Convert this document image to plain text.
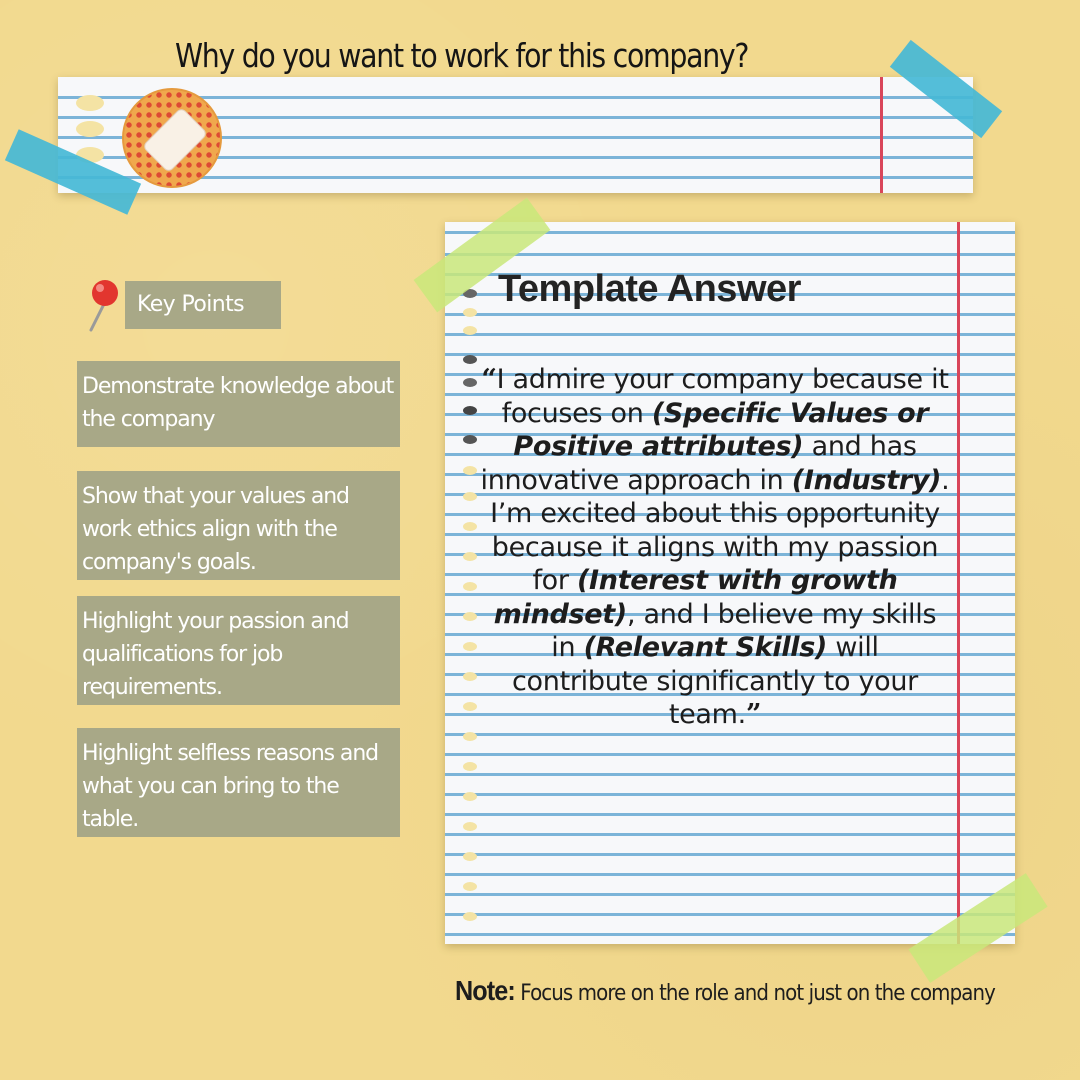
Why do you want to work for this company?
Template Answer
“I admire your company because it focuses on (Specific Values or Positive attributes) and has innovative approach in (Industry). I’m excited about this opportunity because it aligns with my passion for (Interest with growth mindset), and I believe my skills in (Relevant Skills) will contribute significantly to your team.”
Key Points
Demonstrate knowledge about the company
Show that your values and work ethics align with the company's goals.
Highlight your passion and qualifications for job requirements.
Highlight selfless reasons and what you can bring to the table.
Note: Focus more on the role and not just on the company
